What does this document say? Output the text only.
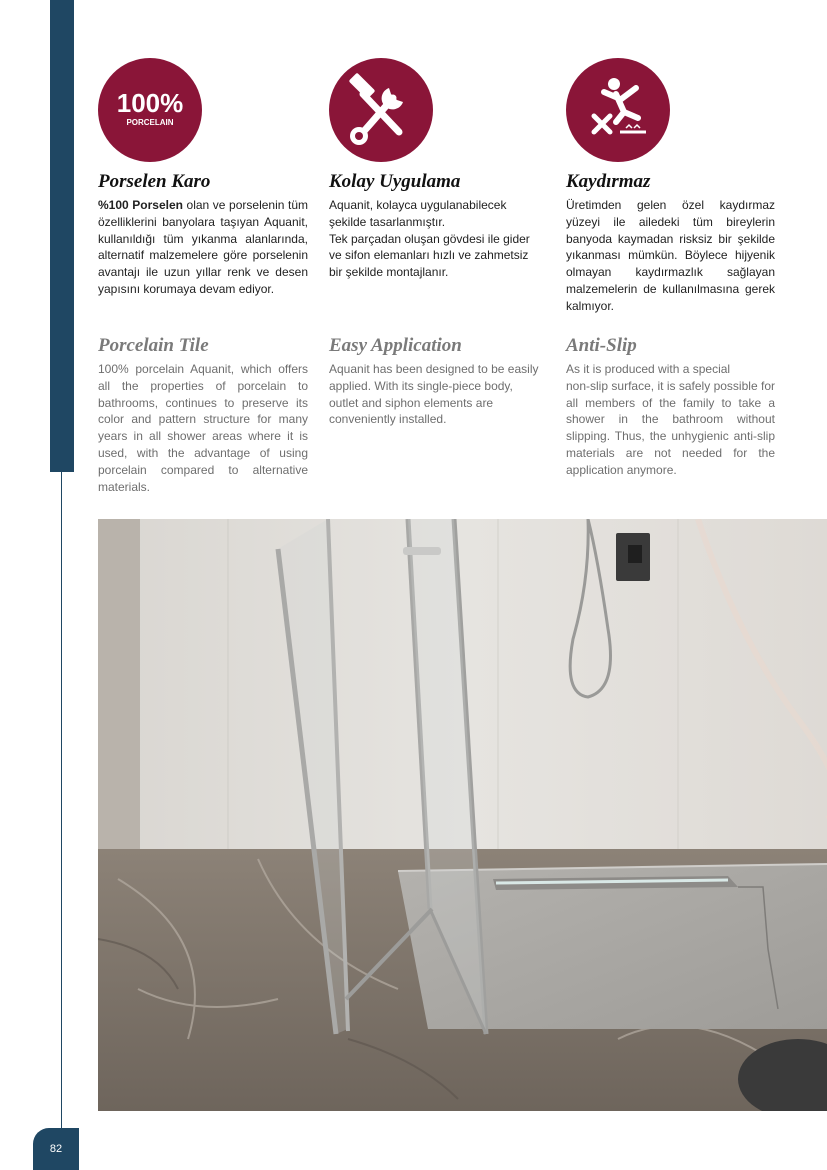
82
100%
PORCELAIN
Porselen Karo

%100 Porselen olan ve porselenin tüm özelliklerini banyolara taşıyan Aquanit, kullanıldığı tüm yıkanma alanlarında, alternatif malzemelere göre porselenin avantajı ile uzun yıllar renk ve desen yapısını korumaya devam ediyor.

Porcelain Tile
100% porcelain Aquanit, which offers all the properties of porcelain to bathrooms, continues to preserve its color and pattern structure for many years in all shower areas where it is used, with the advantage of using porcelain compared to alternative materials.
Kolay Uygulama

Aquanit, kolayca uygulanabilecek şekilde tasarlanmıştır.

Tek parçadan oluşan gövdesi ile gider ve sifon elemanları hızlı ve zahmetsiz bir şekilde montajlanır.

Easy Application
Aquanit has been designed to be easily applied. With its single-piece body, outlet and siphon elements are conveniently installed.
Kaydırmaz
Üretimden gelen özel kaydırmaz yüzeyi ile ailedeki tüm bireylerin banyoda kaymadan risksiz bir şekilde yıkanması mümkün. Böylece hijyenik olmayan kaydırmazlık sağlayan malzemelerin de kullanılmasına gerek kalmıyor.
Anti-Slip

As it is produced with a special

non-slip surface, it is safely possible for all members of the family to take a shower in the bathroom without slipping. Thus, the unhygienic anti-slip materials are not needed for the application anymore.
